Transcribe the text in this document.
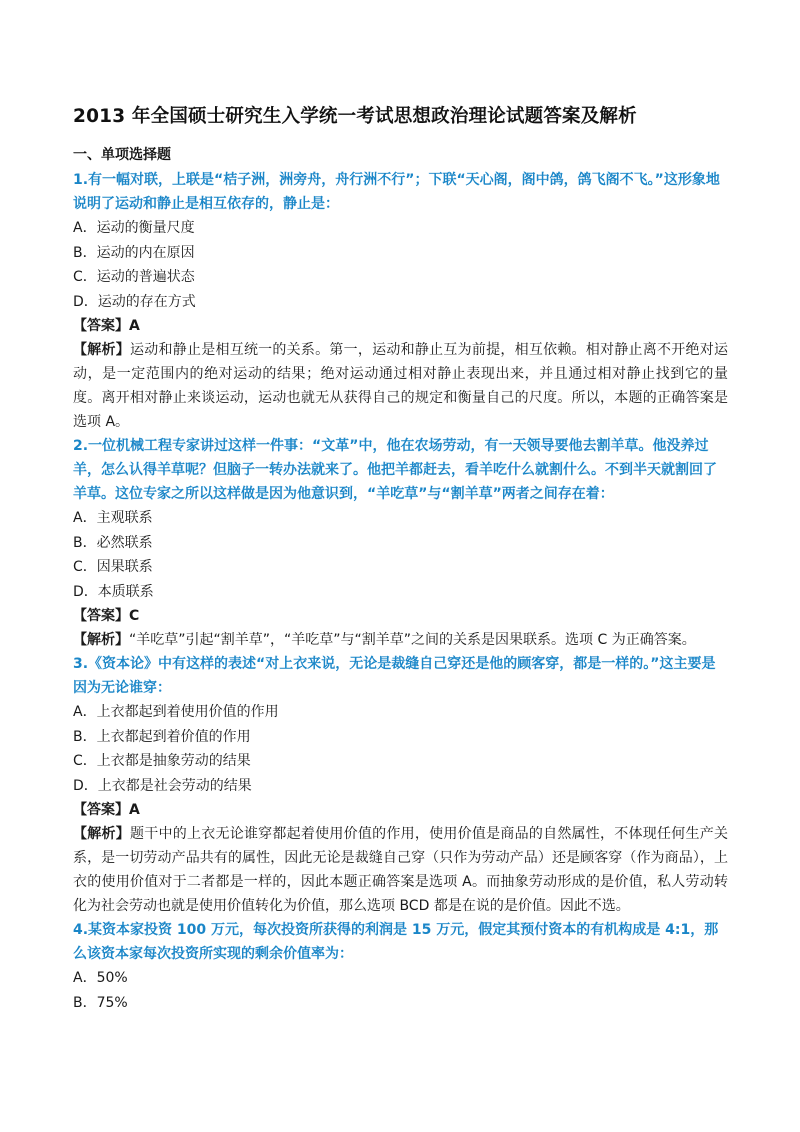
2013 年全国硕士研究生入学统一考试思想政治理论试题答案及解析
一、单项选择题

1.有一幅对联，上联是“桔子洲，洲旁舟，舟行洲不行”；下联“天心阁，阁中鸽，鸽飞阁不飞。”这形象地说明了运动和静止是相互依存的，静止是：

A．运动的衡量尺度

B．运动的内在原因

C．运动的普遍状态

D．运动的存在方式

【答案】A

【解析】运动和静止是相互统一的关系。第一，运动和静止互为前提，相互依赖。相对静止离不开绝对运动，是一定范围内的绝对运动的结果；绝对运动通过相对静止表现出来，并且通过相对静止找到它的量度。离开相对静止来谈运动，运动也就无从获得自己的规定和衡量自己的尺度。所以，本题的正确答案是选项 A。

2.一位机械工程专家讲过这样一件事：“文革”中，他在农场劳动，有一天领导要他去割羊草。他没养过羊，怎么认得羊草呢？但脑子一转办法就来了。他把羊都赶去，看羊吃什么就割什么。不到半天就割回了羊草。这位专家之所以这样做是因为他意识到，“羊吃草”与“割羊草”两者之间存在着：

A．主观联系

B．必然联系

C．因果联系

D．本质联系

【答案】C

【解析】“羊吃草”引起“割羊草”，“羊吃草”与“割羊草”之间的关系是因果联系。选项 C 为正确答案。

3.《资本论》中有这样的表述“对上衣来说，无论是裁缝自己穿还是他的顾客穿，都是一样的。”这主要是因为无论谁穿：

A．上衣都起到着使用价值的作用

B．上衣都起到着价值的作用

C．上衣都是抽象劳动的结果

D．上衣都是社会劳动的结果

【答案】A

【解析】题干中的上衣无论谁穿都起着使用价值的作用，使用价值是商品的自然属性，不体现任何生产关系，是一切劳动产品共有的属性，因此无论是裁缝自己穿（只作为劳动产品）还是顾客穿（作为商品），上衣的使用价值对于二者都是一样的，因此本题正确答案是选项 A。而抽象劳动形成的是价值，私人劳动转化为社会劳动也就是使用价值转化为价值，那么选项 BCD 都是在说的是价值。因此不选。

4.某资本家投资 100 万元，每次投资所获得的利润是 15 万元，假定其预付资本的有机构成是 4:1，那么该资本家每次投资所实现的剩余价值率为：

A．50%

B．75%
